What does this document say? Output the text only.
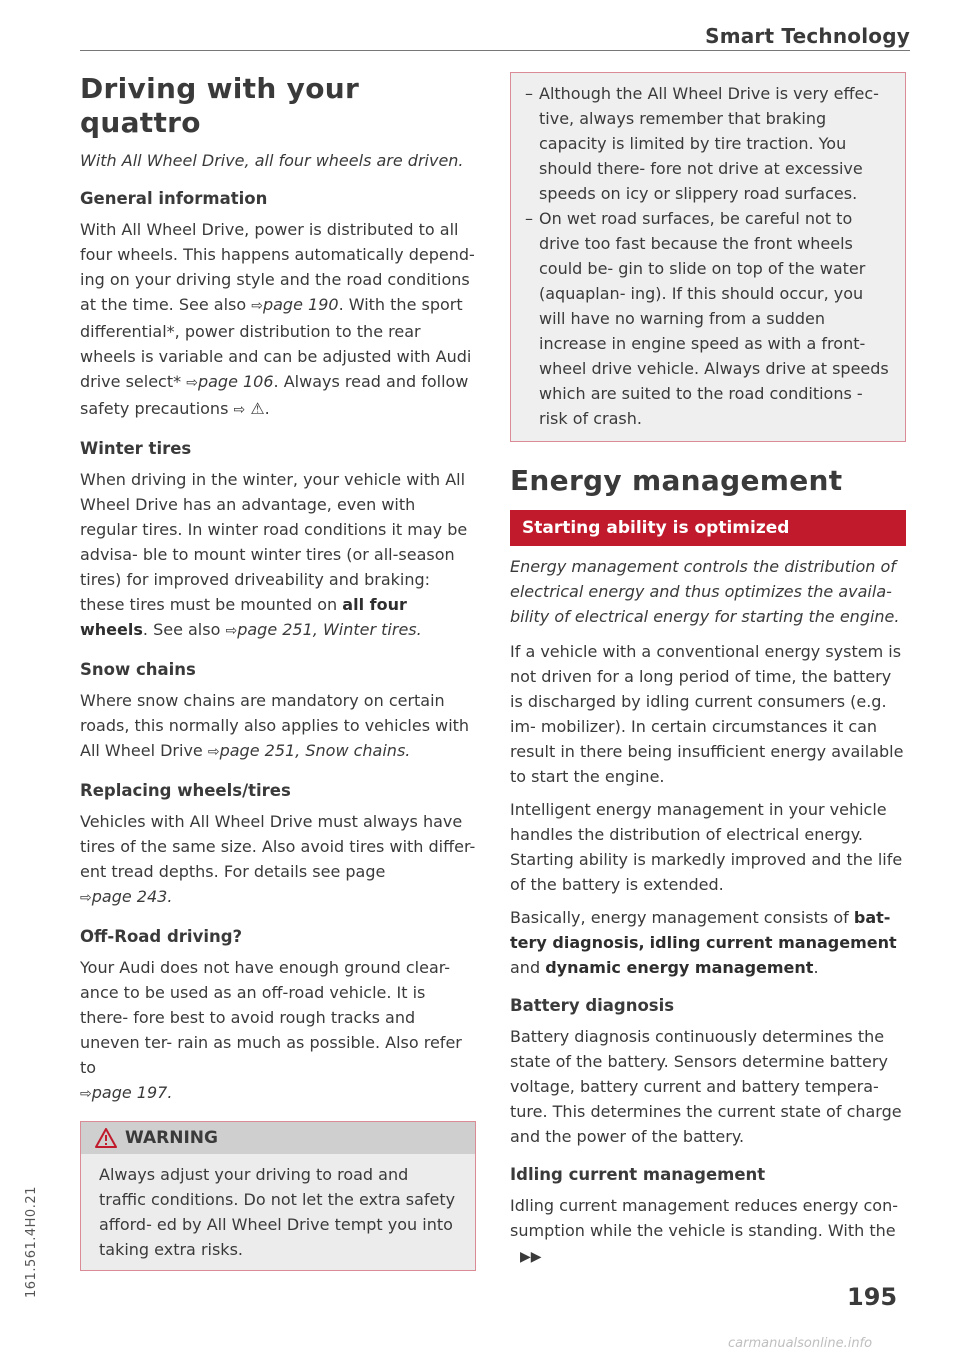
Smart Technology
161.561.4H0.21
Driving with your quattro
With All Wheel Drive, all four wheels are driven.
General information

With All Wheel Drive, power is distributed to all four wheels. This happens automatically depend- ing on your driving style and the road conditions at the time. See also ⇨page 190. With the sport differential*, power distribution to the rear wheels is variable and can be adjusted with Audi drive select* ⇨page 106. Always read and follow safety precautions ⇨ ⚠.

Winter tires

When driving in the winter, your vehicle with All Wheel Drive has an advantage, even with regular tires. In winter road conditions it may be advisa- ble to mount winter tires (or all-season tires) for improved driveability and braking: these tires must be mounted on all four wheels. See also ⇨page 251, Winter tires.

Snow chains

Where snow chains are mandatory on certain roads, this normally also applies to vehicles with All Wheel Drive ⇨page 251, Snow chains.

Replacing wheels/tires

Vehicles with All Wheel Drive must always have tires of the same size. Also avoid tires with differ- ent tread depths. For details see page
⇨page 243.

Off-Road driving?

Your Audi does not have enough ground clear- ance to be used as an off-road vehicle. It is there- fore best to avoid rough tracks and uneven ter- rain as much as possible. Also refer to
⇨page 197.

WARNING
Always adjust your driving to road and traffic conditions. Do not let the extra safety afford- ed by All Wheel Drive tempt you into taking extra risks.
– Although the All Wheel Drive is very effec- tive, always remember that braking capacity is limited by tire traction. You should there- fore not drive at excessive speeds on icy or slippery road surfaces.
– On wet road surfaces, be careful not to drive too fast because the front wheels could be- gin to slide on top of the water (aquaplan- ing). If this should occur, you will have no warning from a sudden increase in engine speed as with a front-wheel drive vehicle. Always drive at speeds which are suited to the road conditions - risk of crash.
Energy management
Starting ability is optimized
Energy management controls the distribution of electrical energy and thus optimizes the availa- bility of electrical energy for starting the engine.

If a vehicle with a conventional energy system is not driven for a long period of time, the battery is discharged by idling current consumers (e.g. im- mobilizer). In certain circumstances it can result in there being insufficient energy available to start the engine.

Intelligent energy management in your vehicle handles the distribution of electrical energy. Starting ability is markedly improved and the life of the battery is extended.

Basically, energy management consists of bat- tery diagnosis, idling current management and dynamic energy management.

Battery diagnosis

Battery diagnosis continuously determines the state of the battery. Sensors determine battery voltage, battery current and battery tempera- ture. This determines the current state of charge and the power of the battery.

Idling current management

Idling current management reduces energy con- sumption while the vehicle is standing. With the ▶▶

195
carmanualsonline.info
